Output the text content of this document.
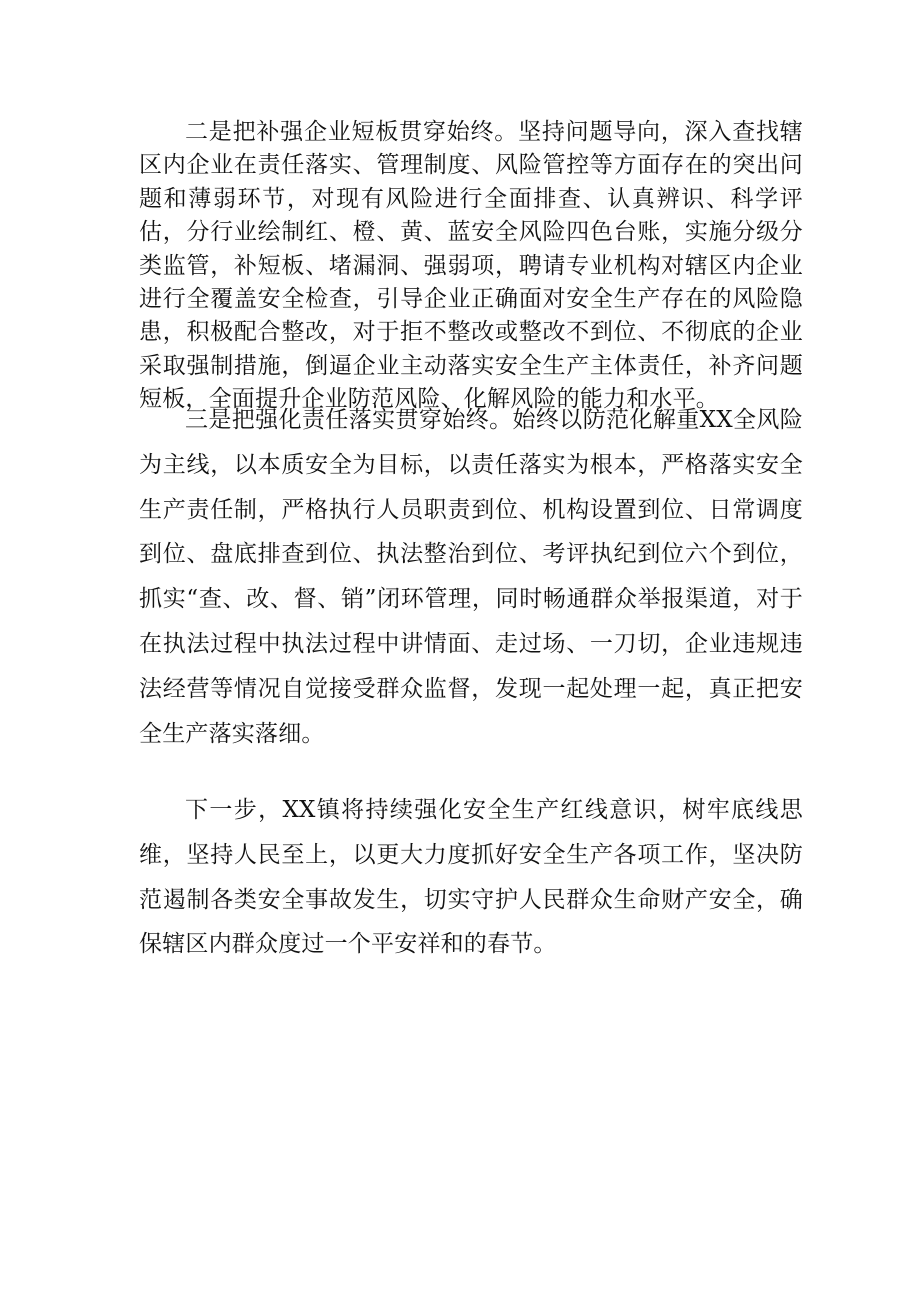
二是把补强企业短板贯穿始终。坚持问题导向，深入查找辖区内企业在责任落实、管理制度、风险管控等方面存在的突出问题和薄弱环节，对现有风险进行全面排查、认真辨识、科学评估，分行业绘制红、橙、黄、蓝安全风险四色台账，实施分级分类监管，补短板、堵漏洞、强弱项，聘请专业机构对辖区内企业进行全覆盖安全检查，引导企业正确面对安全生产存在的风险隐患，积极配合整改，对于拒不整改或整改不到位、不彻底的企业采取强制措施，倒逼企业主动落实安全生产主体责任，补齐问题短板，全面提升企业防范风险、化解风险的能力和水平。

三是把强化责任落实贯穿始终。始终以防范化解重XX全风险为主线，以本质安全为目标，以责任落实为根本，严格落实安全生产责任制，严格执行人员职责到位、机构设置到位、日常调度到位、盘底排查到位、执法整治到位、考评执纪到位六个到位，抓实“查、改、督、销”闭环管理，同时畅通群众举报渠道，对于在执法过程中执法过程中讲情面、走过场、一刀切，企业违规违法经营等情况自觉接受群众监督，发现一起处理一起，真正把安全生产落实落细。

下一步，XX镇将持续强化安全生产红线意识，树牢底线思维，坚持人民至上，以更大力度抓好安全生产各项工作，坚决防范遏制各类安全事故发生，切实守护人民群众生命财产安全，确保辖区内群众度过一个平安祥和的春节。
